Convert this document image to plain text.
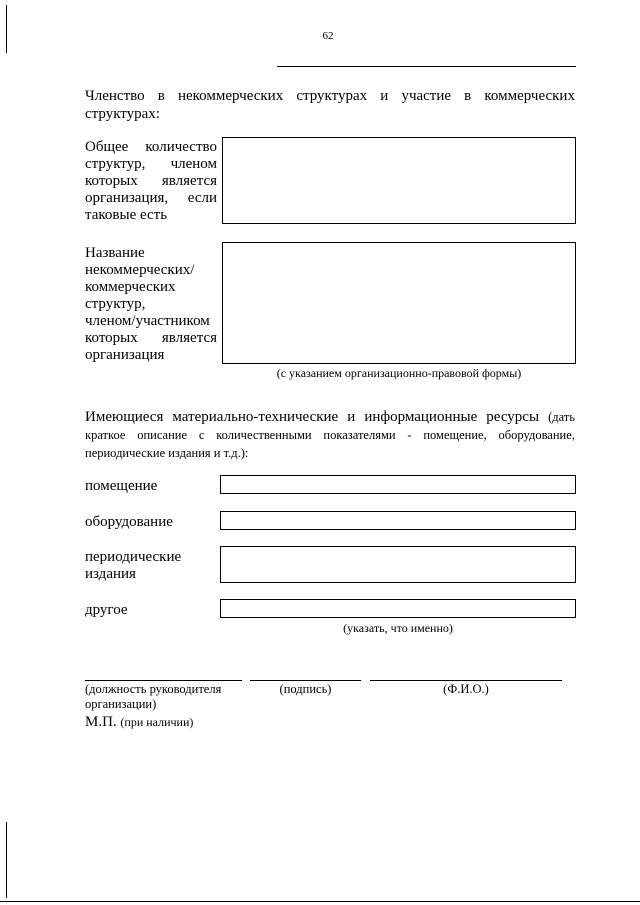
62
Членство в некоммерческих структурах и участие в коммерческих
структурах:
Общее количество
структур, членом
которых является
организация, если
таковые есть
Название
некоммерческих/
коммерческих
структур,
членом/участником
которых является
организация
(с указанием организационно-правовой формы)
Имеющиеся материально-технические и информационные ресурсы (дать
краткое описание с количественными показателями - помещение, оборудование,
периодические издания и т.д.):
помещение
оборудование
периодические
издания
другое
(указать, что именно)
(должность руководителя
организации)
(подпись)	(Ф.И.О.)
М.П. (при наличии)
